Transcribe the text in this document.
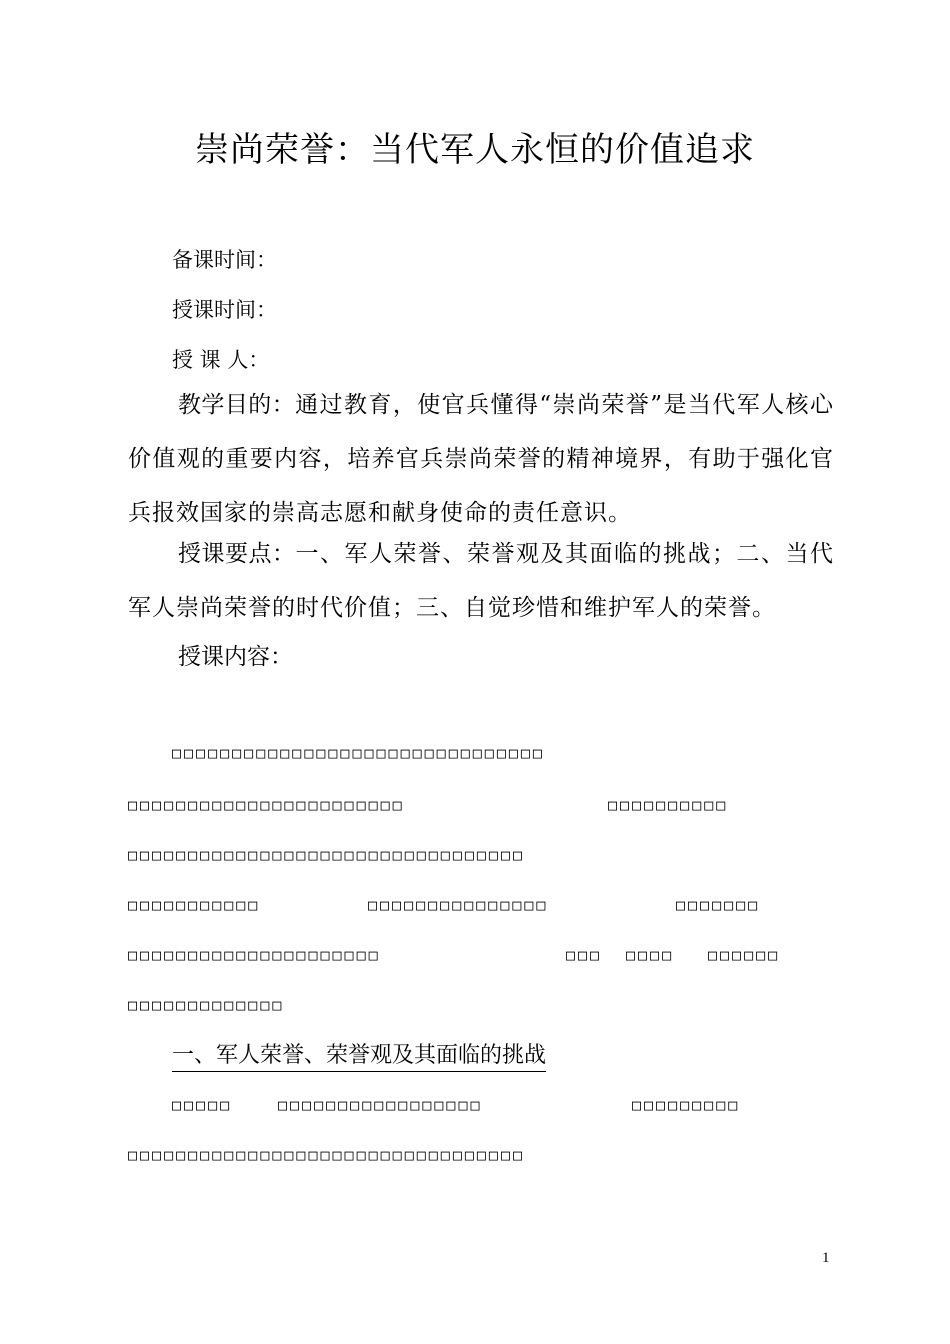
崇尚荣誉：当代军人永恒的价值追求
备课时间：
授课时间：
授 课 人：
教学目的：通过教育，使官兵懂得“崇尚荣誉”是当代军人核心价值观的重要内容，培养官兵崇尚荣誉的精神境界，有助于强化官兵报效国家的崇高志愿和献身使命的责任意识。
授课要点：一、军人荣誉、荣誉观及其面临的挑战；二、当代军人崇尚荣誉的时代价值；三、自觉珍惜和维护军人的荣誉。
授课内容：
□□□□□□□□□□□□□□□□□□□□□□□□□□□□□□□
□□□□□□□□□□□□□□□□□□□□□□□	□□□□□□□□□□
□□□□□□□□□□□□□□□□□□□□□□□□□□□□□□□□□
□□□□□□□□□□□	□□□□□□□□□□□□□□□	□□□□□□□
□□□□□□□□□□□□□□□□□□□□□	□□□ □□□□ □□□□□□
□□□□□□□□□□□□□
一、军人荣誉、荣誉观及其面临的挑战
□□□□□	□□□□□□□□□□□□□□□□□	□□□□□□□□□
□□□□□□□□□□□□□□□□□□□□□□□□□□□□□□□□□
1
